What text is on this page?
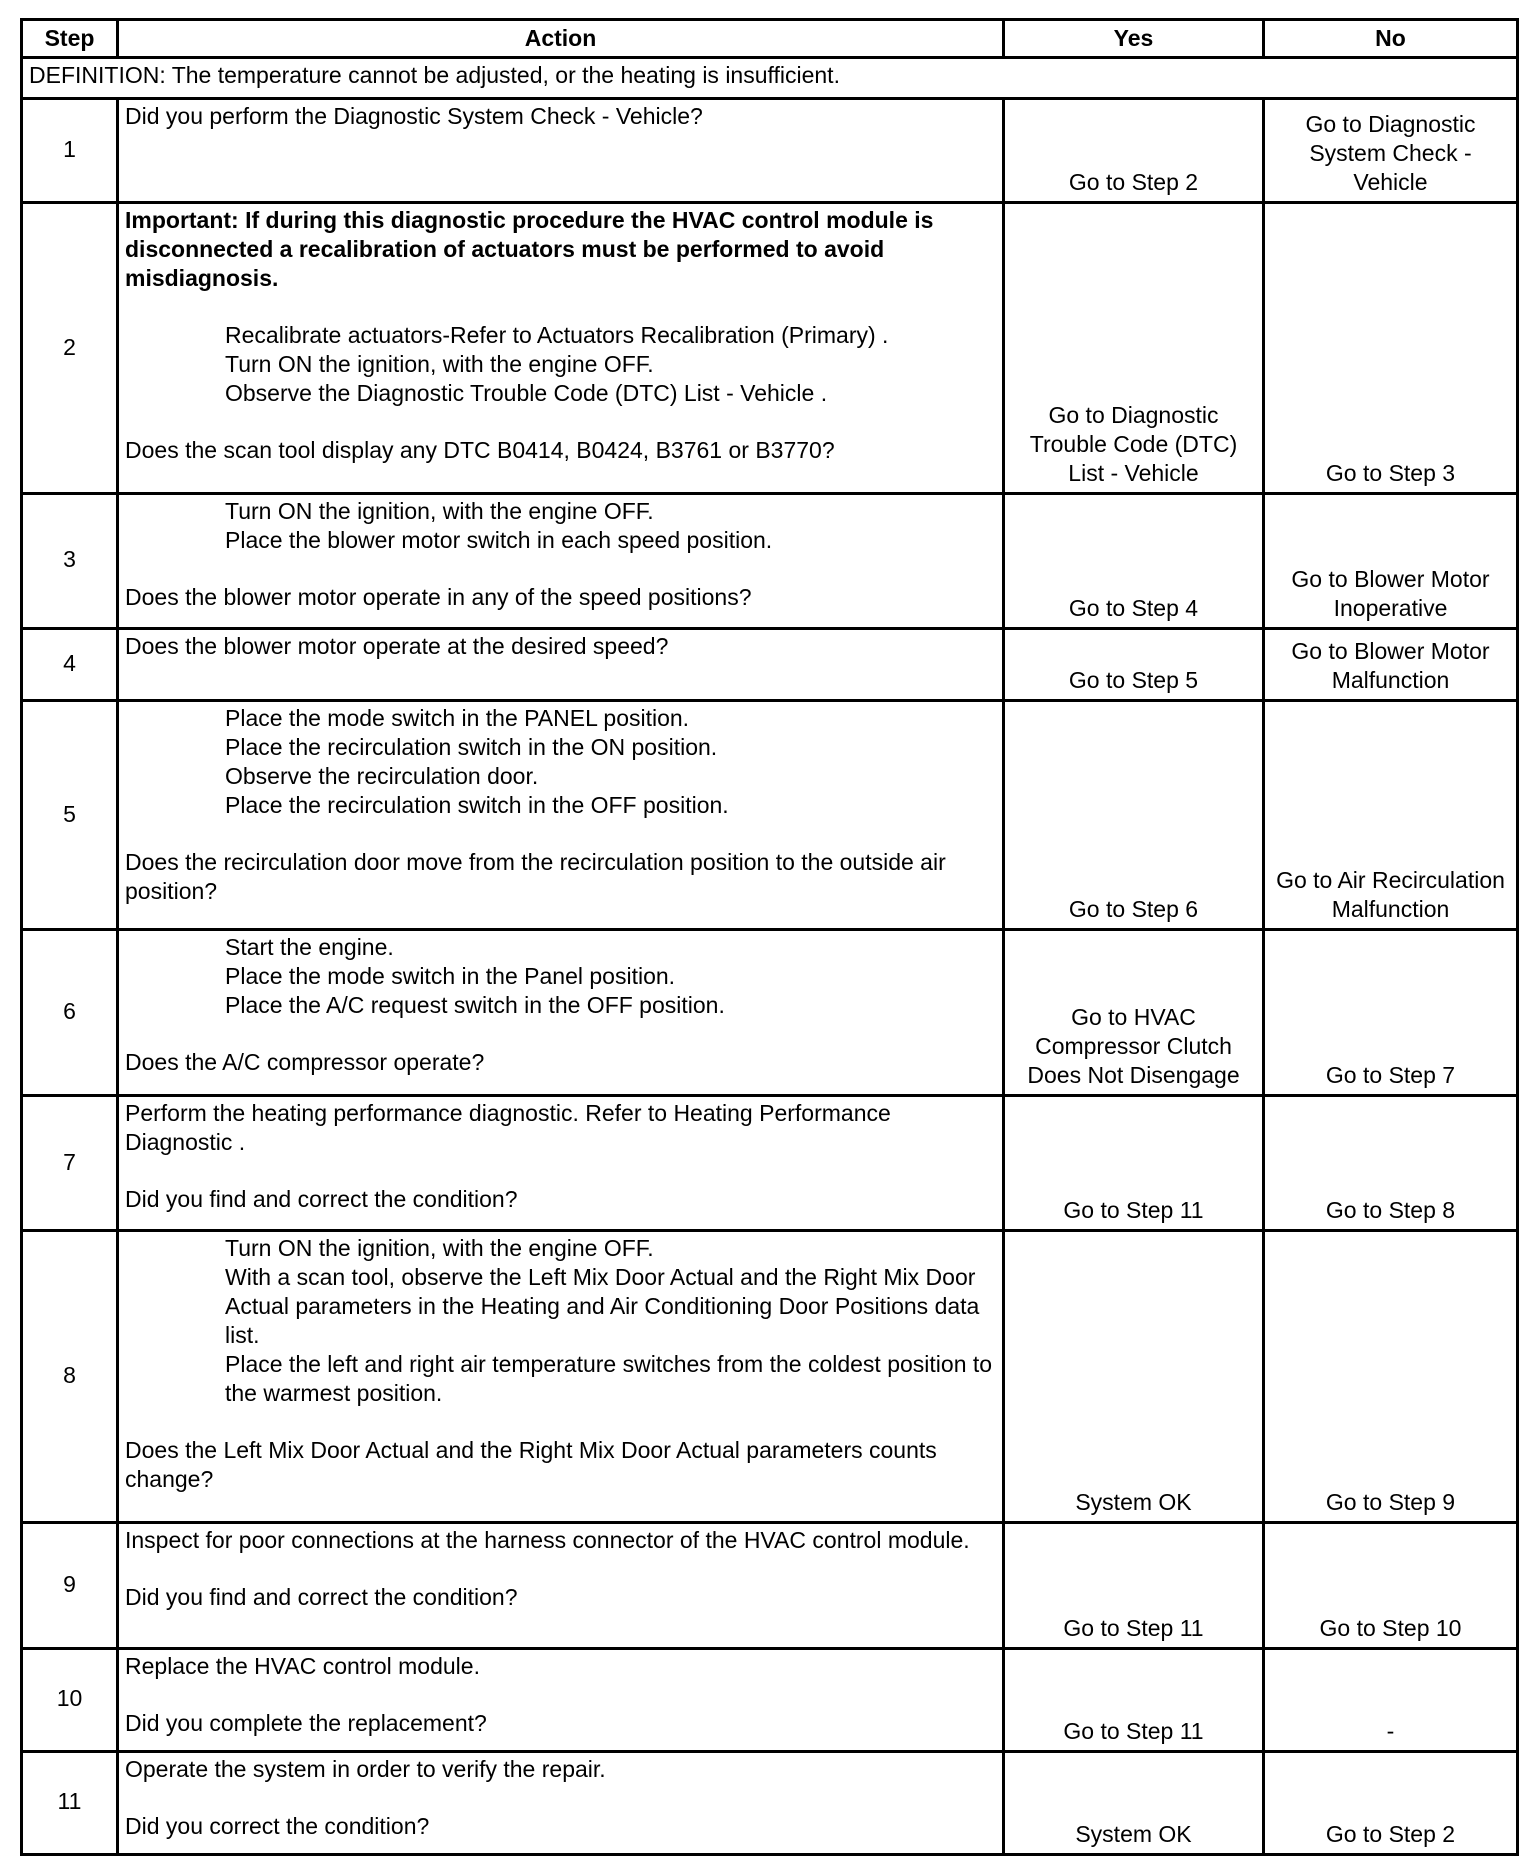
Step	Action	Yes	No
DEFINITION: The temperature cannot be adjusted, or the heating is insufficient.			
1	Did you perform the Diagnostic System Check - Vehicle?	Go to Step 2	Go to Diagnostic System Check - Vehicle
2	Important: If during this diagnostic procedure the HVAC control module is disconnected a recalibration of actuators must be performed to avoid misdiagnosis.

Recalibrate actuators-Refer to Actuators Recalibration (Primary) .

Turn ON the ignition, with the engine OFF.

Observe the Diagnostic Trouble Code (DTC) List - Vehicle .

Does the scan tool display any DTC B0414, B0424, B3761 or B3770?	Go to Diagnostic Trouble Code (DTC) List - Vehicle	Go to Step 3
3	Turn ON the ignition, with the engine OFF.

Place the blower motor switch in each speed position.

Does the blower motor operate in any of the speed positions?	Go to Step 4	Go to Blower Motor Inoperative
4	Does the blower motor operate at the desired speed?	Go to Step 5	Go to Blower Motor Malfunction
5	Place the mode switch in the PANEL position.

Place the recirculation switch in the ON position.

Observe the recirculation door.

Place the recirculation switch in the OFF position.

Does the recirculation door move from the recirculation position to the outside air position?	Go to Step 6	Go to Air Recirculation Malfunction
6	Start the engine.

Place the mode switch in the Panel position.

Place the A/C request switch in the OFF position.

Does the A/C compressor operate?	Go to HVAC Compressor Clutch Does Not Disengage	Go to Step 7
7	Perform the heating performance diagnostic. Refer to Heating Performance Diagnostic .

Did you find and correct the condition?	Go to Step 11	Go to Step 8
8	Turn ON the ignition, with the engine OFF.

With a scan tool, observe the Left Mix Door Actual and the Right Mix Door Actual parameters in the Heating and Air Conditioning Door Positions data list.

Place the left and right air temperature switches from the coldest position to the warmest position.

Does the Left Mix Door Actual and the Right Mix Door Actual parameters counts change?	System OK	Go to Step 9
9	Inspect for poor connections at the harness connector of the HVAC control module.

Did you find and correct the condition?	Go to Step 11	Go to Step 10
10	Replace the HVAC control module.

Did you complete the replacement?	Go to Step 11	-
11	Operate the system in order to verify the repair.

Did you correct the condition?	System OK	Go to Step 2
